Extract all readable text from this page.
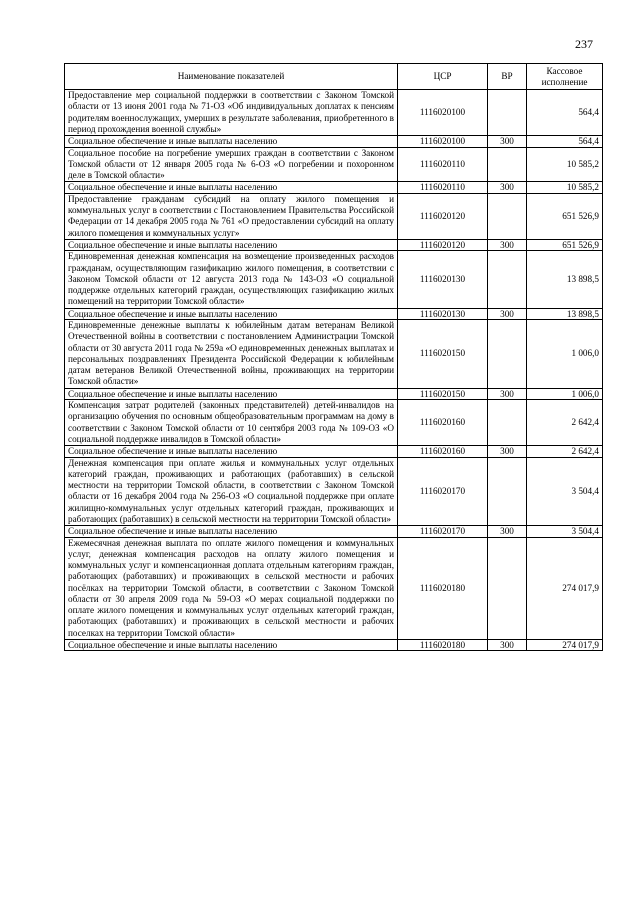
237
Наименование показателей	ЦСР	ВР	Кассовое исполнение
Предоставление мер социальной поддержки в соответствии с Законом Томской области от 13 июня 2001 года № 71-ОЗ «Об индивидуальных доплатах к пенсиям родителям военнослужащих, умерших в результате заболевания, приобретенного в период прохождения военной службы»	1116020100		564,4
Социальное обеспечение и иные выплаты населению	1116020100	300	564,4
Социальное пособие на погребение умерших граждан в соответствии с Законом Томской области от 12 января 2005 года № 6-ОЗ «О погребении и похоронном деле в Томской области»	1116020110		10 585,2
Социальное обеспечение и иные выплаты населению	1116020110	300	10 585,2
Предоставление гражданам субсидий на оплату жилого помещения и коммунальных услуг в соответствии с Постановлением Правительства Российской Федерации от 14 декабря 2005 года № 761 «О предоставлении субсидий на оплату жилого помещения и коммунальных услуг»	1116020120		651 526,9
Социальное обеспечение и иные выплаты населению	1116020120	300	651 526,9
Единовременная денежная компенсация на возмещение произведенных расходов гражданам, осуществляющим газификацию жилого помещения, в соответствии с Законом Томской области от 12 августа 2013 года № 143-ОЗ «О социальной поддержке отдельных категорий граждан, осуществляющих газификацию жилых помещений на территории Томской области»	1116020130		13 898,5
Социальное обеспечение и иные выплаты населению	1116020130	300	13 898,5
Единовременные денежные выплаты к юбилейным датам ветеранам Великой Отечественной войны в соответствии с постановлением Администрации Томской области от 30 августа 2011 года № 259а «О единовременных денежных выплатах и персональных поздравлениях Президента Российской Федерации к юбилейным датам ветеранов Великой Отечественной войны, проживающих на территории Томской области»	1116020150		1 006,0
Социальное обеспечение и иные выплаты населению	1116020150	300	1 006,0
Компенсация затрат родителей (законных представителей) детей-инвалидов на организацию обучения по основным общеобразовательным программам на дому в соответствии с Законом Томской области от 10 сентября 2003 года № 109-ОЗ «О социальной поддержке инвалидов в Томской области»	1116020160		2 642,4
Социальное обеспечение и иные выплаты населению	1116020160	300	2 642,4
Денежная компенсация при оплате жилья и коммунальных услуг отдельных категорий граждан, проживающих и работающих (работавших) в сельской местности на территории Томской области, в соответствии с Законом Томской области от 16 декабря 2004 года № 256-ОЗ «О социальной поддержке при оплате жилищно-коммунальных услуг отдельных категорий граждан, проживающих и работающих (работавших) в сельской местности на территории Томской области»	1116020170		3 504,4
Социальное обеспечение и иные выплаты населению	1116020170	300	3 504,4
Ежемесячная денежная выплата по оплате жилого помещения и коммунальных услуг, денежная компенсация расходов на оплату жилого помещения и коммунальных услуг и компенсационная доплата отдельным категориям граждан, работающих (работавших) и проживающих в сельской местности и рабочих посёлках на территории Томской области, в соответствии с Законом Томской области от 30 апреля 2009 года № 59-ОЗ «О мерах социальной поддержки по оплате жилого помещения и коммунальных услуг отдельных категорий граждан, работающих (работавших) и проживающих в сельской местности и рабочих поселках на территории Томской области»	1116020180		274 017,9
Социальное обеспечение и иные выплаты населению	1116020180	300	274 017,9
